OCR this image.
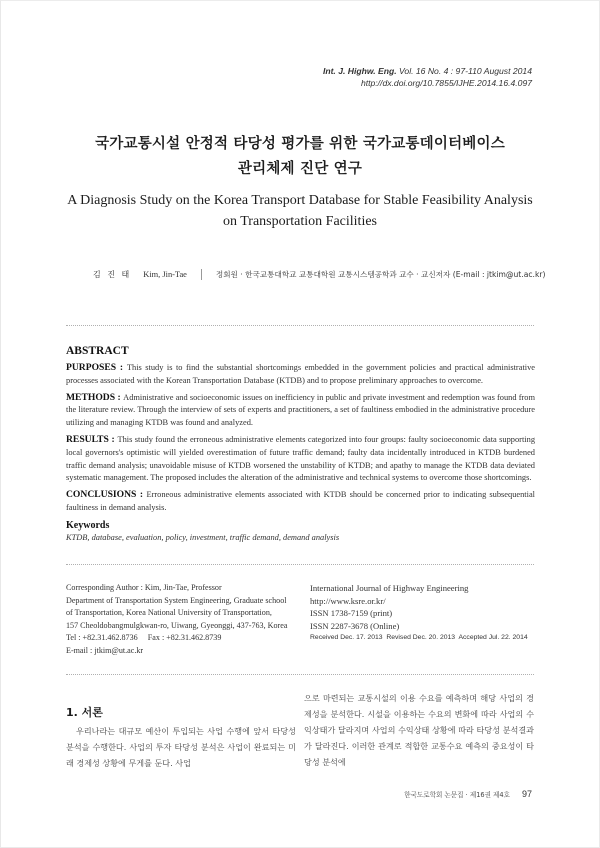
Int. J. Highw. Eng. Vol. 16 No. 4 : 97-110 August 2014
http://dx.doi.org/10.7855/IJHE.2014.16.4.097
국가교통시설 안정적 타당성 평가를 위한 국가교통데이터베이스
관리체제 진단 연구
A Diagnosis Study on the Korea Transport Database for Stable Feasibility Analysis
on Transportation Facilities
김 진 태 Kim, Jin-Tae	정회원 · 한국교통대학교 교통대학원 교통시스템공학과 교수 · 교신저자 (E-mail : jtkim@ut.ac.kr)
ABSTRACT

PURPOSES : This study is to find the substantial shortcomings embedded in the government policies and practical administrative processes associated with the Korean Transportation Database (KTDB) and to propose preliminary approaches to overcome.

METHODS : Administrative and socioeconomic issues on inefficiency in public and private investment and redemption was found from the literature review. Through the interview of sets of experts and practitioners, a set of faultiness embodied in the administrative procedure utilizing and managing KTDB was found and analyzed.

RESULTS : This study found the erroneous administrative elements categorized into four groups: faulty socioeconomic data supporting local governors's optimistic will yielded overestimation of future traffic demand; faulty data incidentally introduced in KTDB burdened traffic demand analysis; unavoidable misuse of KTDB worsened the unstability of KTDB; and apathy to manage the KTDB data deviated systematic management. The proposed includes the alteration of the administrative and technical systems to overcome those shortcomings.

CONCLUSIONS : Erroneous administrative elements associated with KTDB should be concerned prior to indicating subsequential faultiness in demand analysis.

Keywords
KTDB, database, evaluation, policy, investment, traffic demand, demand analysis
Corresponding Author : Kim, Jin-Tae, Professor
Department of Transportation System Engineering, Graduate school
of Transportation, Korea National University of Transportation,
157 Cheoldobangmulgkwan-ro, Uiwang, Gyeonggi, 437-763, Korea
Tel : +82.31.462.8736     Fax : +82.31.462.8739
E-mail : jtkim@ut.ac.kr
International Journal of Highway Engineering
http://www.ksre.or.kr/
ISSN 1738-7159 (print)
ISSN 2287-3678 (Online)
Received Dec. 17. 2013  Revised Dec. 20. 2013  Accepted Jul. 22. 2014
1. 서론
우리나라는 대규모 예산이 투입되는 사업 수행에 앞서 타당성 분석을 수행한다. 사업의 투자 타당성 분석은 사업이 완료되는 미래 경제성 상황에 무게를 둔다. 사업
으로 마련되는 교통시설의 이용 수요를 예측하며 해당 사업의 경제성을 분석한다. 시설을 이용하는 수요의 변화에 따라 사업의 수익상태가 달라지며 사업의 수익상태 상황에 따라 타당성 분석결과가 달라진다. 이러한 관계로 적합한 교통수요 예측의 중요성이 타당성 분석에
한국도로학회 논문집 · 제16권 제4호 97
